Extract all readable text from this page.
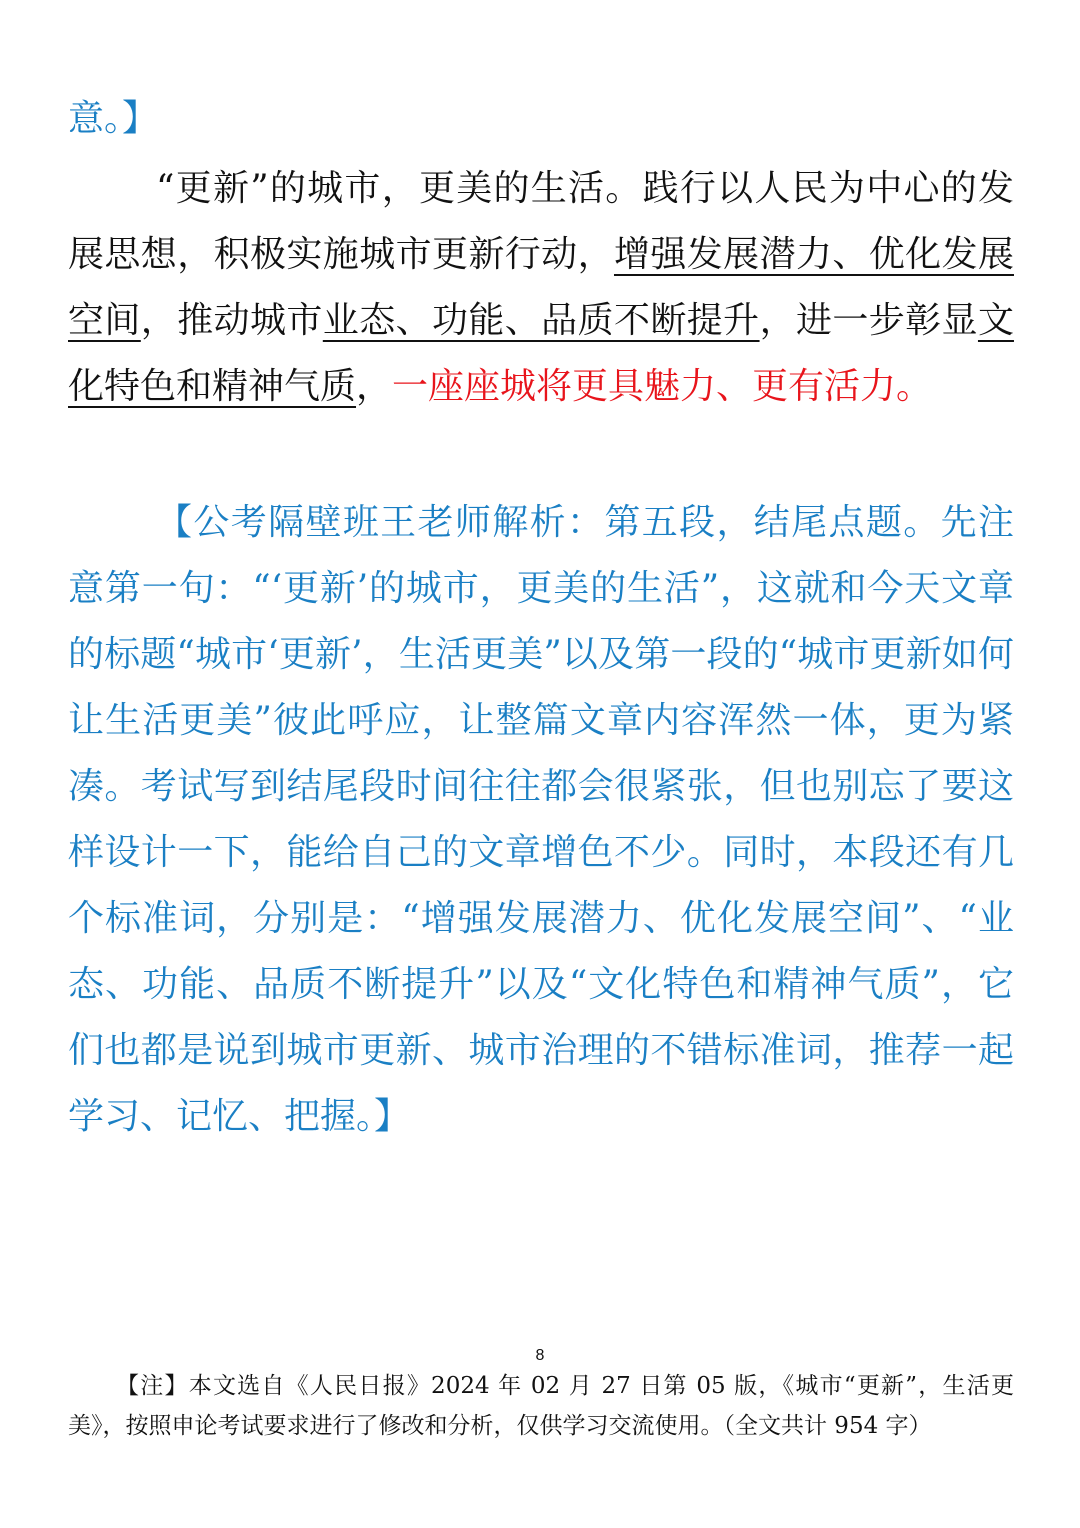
意。】

“更新”的城市，更美的生活。践行以人民为中心的发展思想，积极实施城市更新行动，增强发展潜力、优化发展空间，推动城市业态、功能、品质不断提升，进一步彰显文化特色和精神气质，一座座城将更具魅力、更有活力。

【公考隔壁班王老师解析：第五段，结尾点题。先注意第一句：“‘更新’的城市，更美的生活”，这就和今天文章的标题“城市‘更新’，生活更美”以及第一段的“城市更新如何让生活更美”彼此呼应，让整篇文章内容浑然一体，更为紧凑。考试写到结尾段时间往往都会很紧张，但也别忘了要这样设计一下，能给自己的文章增色不少。同时，本段还有几个标准词，分别是：“增强发展潜力、优化发展空间”、“业态、功能、品质不断提升”以及“文化特色和精神气质”，它们也都是说到城市更新、城市治理的不错标准词，推荐一起学习、记忆、把握。】

8
【注】本文选自《人民日报》2024 年 02 月 27 日第 05 版，《城市“更新”，生活更美》，按照申论考试要求进行了修改和分析，仅供学习交流使用。（全文共计 954 字）
